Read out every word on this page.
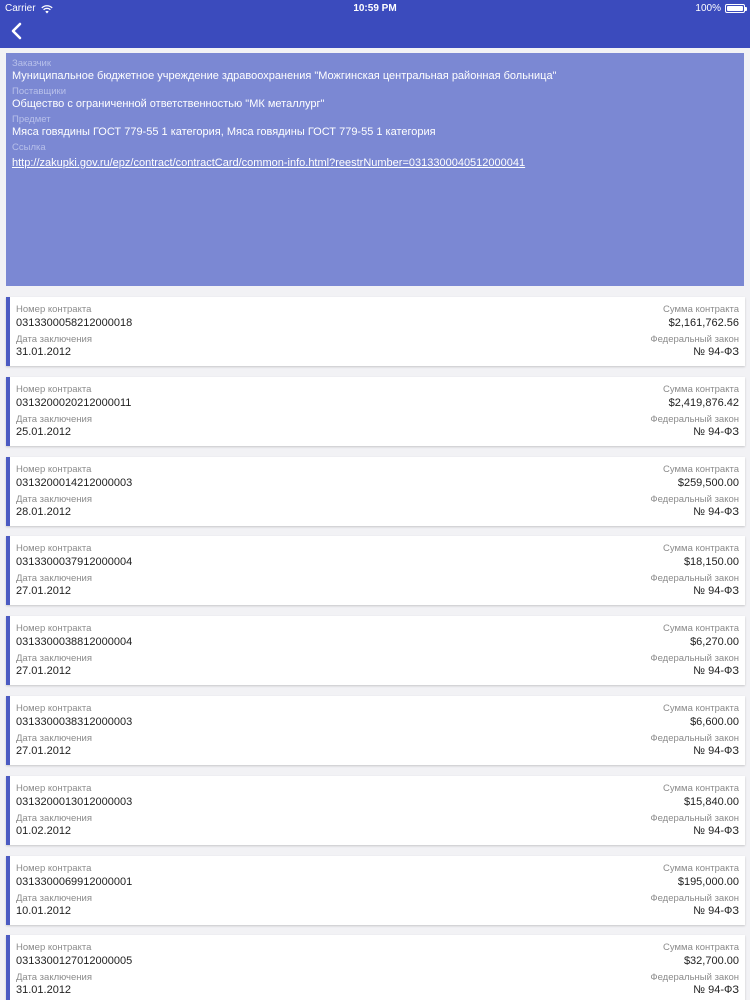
Carrier	10:59 PM	100%
Заказчик
Муниципальное бюджетное учреждение здравоохранения "Можгинская центральная районная больница"
Поставщики
Общество с ограниченной ответственностью "МК металлург"
Предмет
Мяса говядины ГОСТ 779-55 1 категория, Мяса говядины ГОСТ 779-55 1 категория
Ссылка
http://zakupki.gov.ru/epz/contract/contractCard/common-info.html?reestrNumber=0313300040512000041
Номер контракта
0313300058212000018
Дата заключения
31.01.2012
Сумма контракта
$2,161,762.56
Федеральный закон
№ 94-ФЗ
Номер контракта
0313200020212000011
Дата заключения
25.01.2012
Сумма контракта
$2,419,876.42
Федеральный закон
№ 94-ФЗ
Номер контракта
0313200014212000003
Дата заключения
28.01.2012
Сумма контракта
$259,500.00
Федеральный закон
№ 94-ФЗ
Номер контракта
0313300037912000004
Дата заключения
27.01.2012
Сумма контракта
$18,150.00
Федеральный закон
№ 94-ФЗ
Номер контракта
0313300038812000004
Дата заключения
27.01.2012
Сумма контракта
$6,270.00
Федеральный закон
№ 94-ФЗ
Номер контракта
0313300038312000003
Дата заключения
27.01.2012
Сумма контракта
$6,600.00
Федеральный закон
№ 94-ФЗ
Номер контракта
0313200013012000003
Дата заключения
01.02.2012
Сумма контракта
$15,840.00
Федеральный закон
№ 94-ФЗ
Номер контракта
0313300069912000001
Дата заключения
10.01.2012
Сумма контракта
$195,000.00
Федеральный закон
№ 94-ФЗ
Номер контракта
0313300127012000005
Дата заключения
31.01.2012
Сумма контракта
$32,700.00
Федеральный закон
№ 94-ФЗ
